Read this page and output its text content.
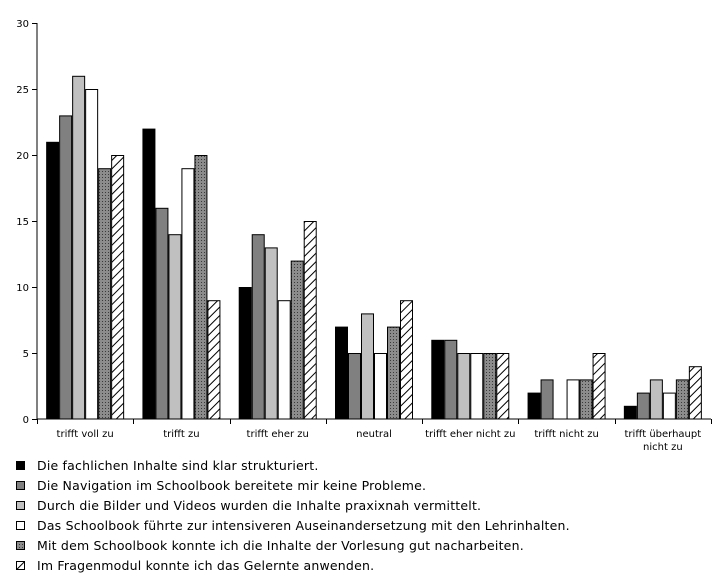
0
5
10
15
20
25
30
trifft voll zu	trifft zu	trifft eher zu	neutral	trifft eher nicht zu trifft nicht zu	trifft überhaupt
nicht zu
Die fachlichen Inhalte sind klar strukturiert.
Die Navigation im Schoolbook bereitete mir keine Probleme.
Durch die Bilder und Videos wurden die Inhalte praxixnah vermittelt.
Das Schoolbook führte zur intensiveren Auseinandersetzung mit den Lehrinhalten.
Mit dem Schoolbook konnte ich die Inhalte der Vorlesung gut nacharbeiten.
Im Fragenmodul konnte ich das Gelernte anwenden.
